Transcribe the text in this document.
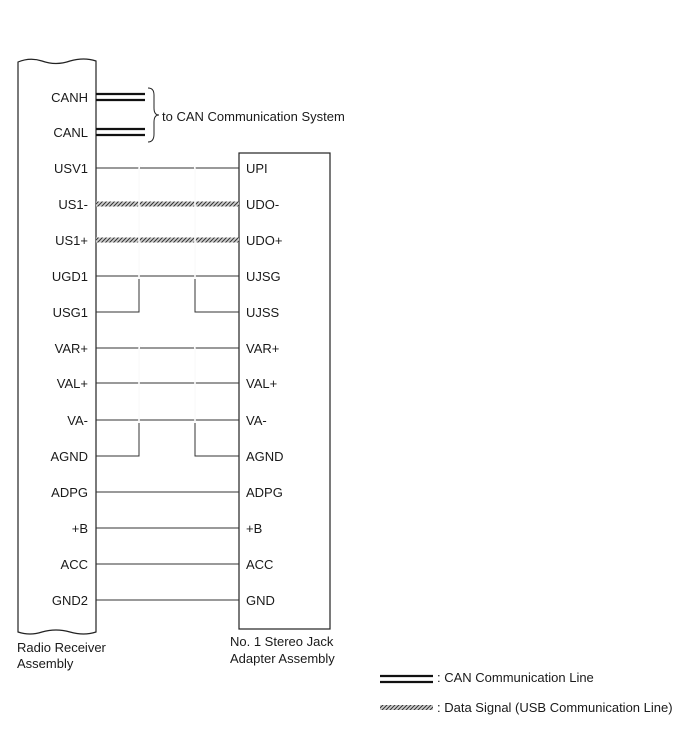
to CAN Communication System
: CAN Communication Line
: Data Signal (USB Communication Line)
Radio Receiver
Assembly
No. 1 Stereo Jack
Adapter Assembly
CANH
CANL
USV1
US1-
US1+
UGD1
USG1
VAR+
VAL+
VA-
AGND
ADPG
+B
ACC
GND2
UPI
UDO-
UDO+
UJSG
UJSS
VAR+
VAL+
VA-
AGND
ADPG
+B
ACC
GND
